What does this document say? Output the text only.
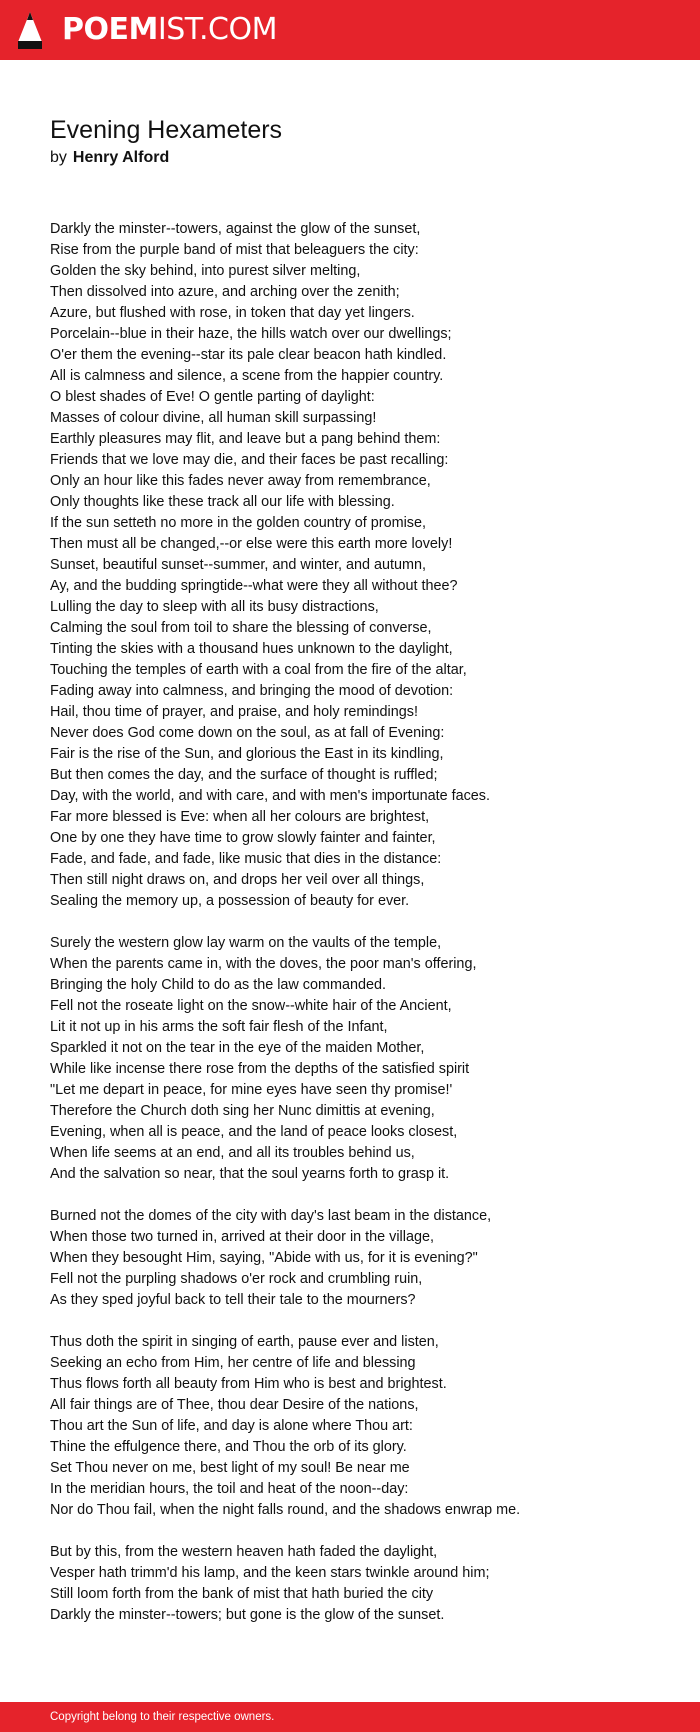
POEMIST.COM
Evening Hexameters
by Henry Alford
Darkly the minster--towers, against the glow of the sunset,
Rise from the purple band of mist that beleaguers the city:
Golden the sky behind, into purest silver melting,
Then dissolved into azure, and arching over the zenith;
Azure, but flushed with rose, in token that day yet lingers.
Porcelain--blue in their haze, the hills watch over our dwellings;
O'er them the evening--star its pale clear beacon hath kindled.
All is calmness and silence, a scene from the happier country.
O blest shades of Eve! O gentle parting of daylight:
Masses of colour divine, all human skill surpassing!
Earthly pleasures may flit, and leave but a pang behind them:
Friends that we love may die, and their faces be past recalling:
Only an hour like this fades never away from remembrance,
Only thoughts like these track all our life with blessing.
If the sun setteth no more in the golden country of promise,
Then must all be changed,--or else were this earth more lovely!
Sunset, beautiful sunset--summer, and winter, and autumn,
Ay, and the budding springtide--what were they all without thee?
Lulling the day to sleep with all its busy distractions,
Calming the soul from toil to share the blessing of converse,
Tinting the skies with a thousand hues unknown to the daylight,
Touching the temples of earth with a coal from the fire of the altar,
Fading away into calmness, and bringing the mood of devotion:
Hail, thou time of prayer, and praise, and holy remindings!
Never does God come down on the soul, as at fall of Evening:
Fair is the rise of the Sun, and glorious the East in its kindling,
But then comes the day, and the surface of thought is ruffled;
Day, with the world, and with care, and with men's importunate faces.
Far more blessed is Eve: when all her colours are brightest,
One by one they have time to grow slowly fainter and fainter,
Fade, and fade, and fade, like music that dies in the distance:
Then still night draws on, and drops her veil over all things,
Sealing the memory up, a possession of beauty for ever.
Surely the western glow lay warm on the vaults of the temple,
When the parents came in, with the doves, the poor man's offering,
Bringing the holy Child to do as the law commanded.
Fell not the roseate light on the snow--white hair of the Ancient,
Lit it not up in his arms the soft fair flesh of the Infant,
Sparkled it not on the tear in the eye of the maiden Mother,
While like incense there rose from the depths of the satisfied spirit
"Let me depart in peace, for mine eyes have seen thy promise!'
Therefore the Church doth sing her Nunc dimittis at evening,
Evening, when all is peace, and the land of peace looks closest,
When life seems at an end, and all its troubles behind us,
And the salvation so near, that the soul yearns forth to grasp it.
Burned not the domes of the city with day's last beam in the distance,
When those two turned in, arrived at their door in the village,
When they besought Him, saying, "Abide with us, for it is evening?"
Fell not the purpling shadows o'er rock and crumbling ruin,
As they sped joyful back to tell their tale to the mourners?
Thus doth the spirit in singing of earth, pause ever and listen,
Seeking an echo from Him, her centre of life and blessing
Thus flows forth all beauty from Him who is best and brightest.
All fair things are of Thee, thou dear Desire of the nations,
Thou art the Sun of life, and day is alone where Thou art:
Thine the effulgence there, and Thou the orb of its glory.
Set Thou never on me, best light of my soul! Be near me
In the meridian hours, the toil and heat of the noon--day:
Nor do Thou fail, when the night falls round, and the shadows enwrap me.
But by this, from the western heaven hath faded the daylight,
Vesper hath trimm'd his lamp, and the keen stars twinkle around him;
Still loom forth from the bank of mist that hath buried the city
Darkly the minster--towers; but gone is the glow of the sunset.
Copyright belong to their respective owners.
